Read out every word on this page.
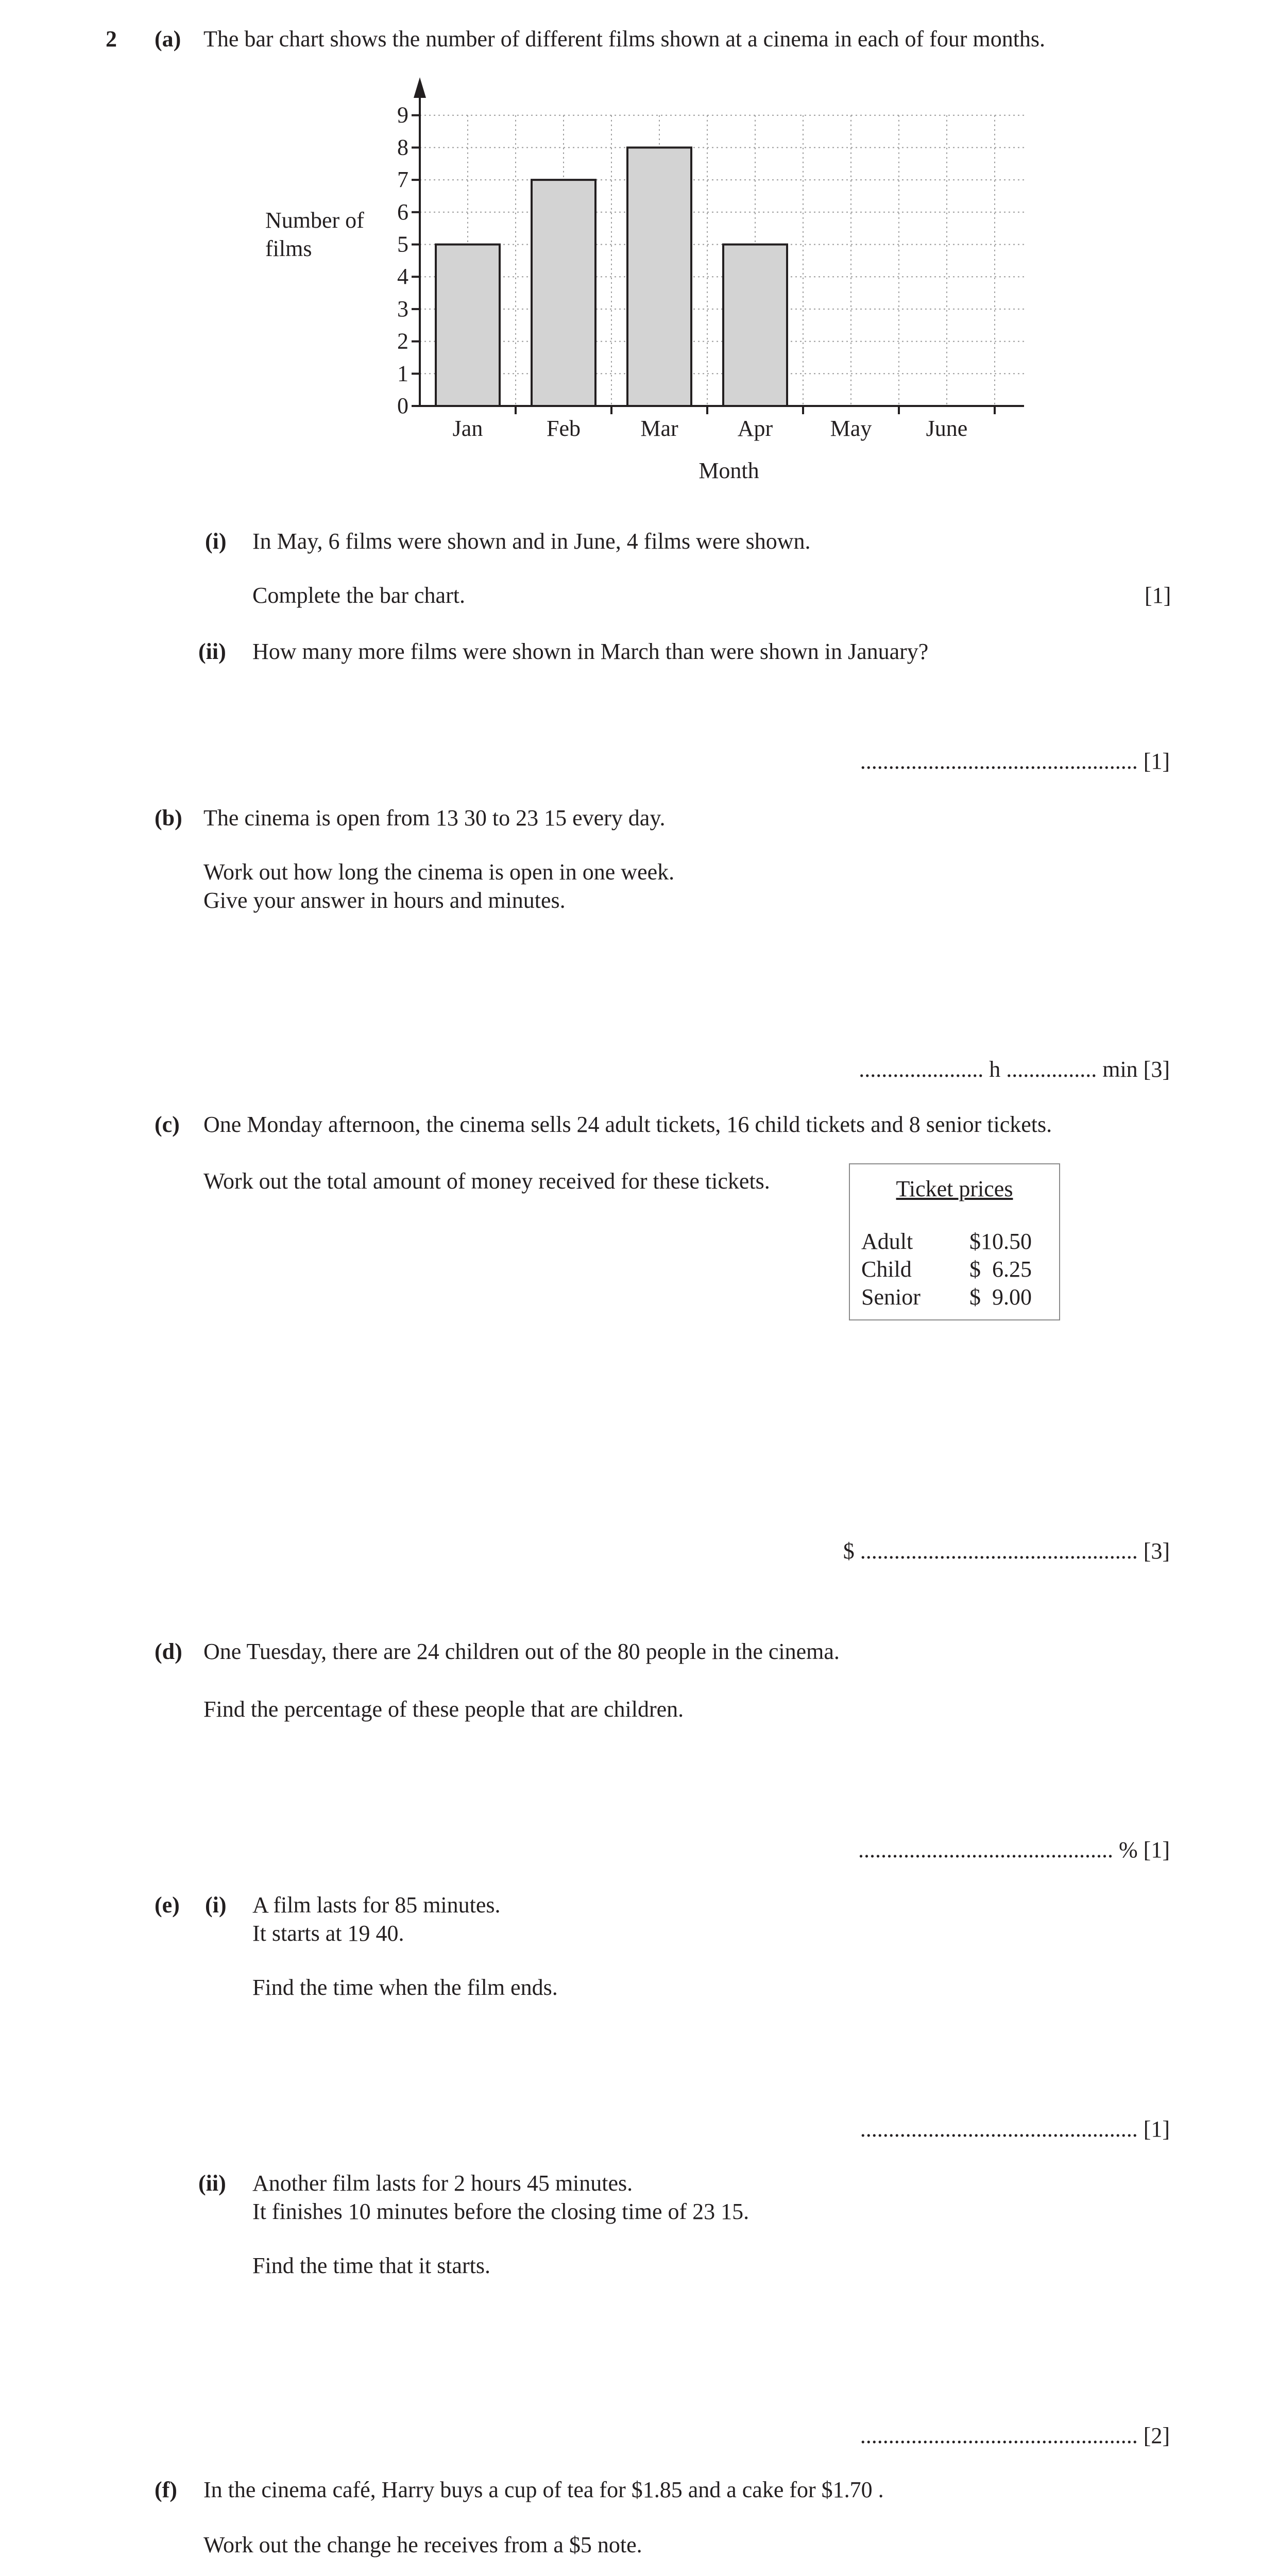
2 (a) The bar chart shows the number of different films shown at a cinema in each of four months.
0
1
2
3
4
5
6
7
8
9
Jan	Feb	Mar	Apr	May June
Month
Number of
films
(i) In May, 6 films were shown and in June, 4 films were shown.
Complete the bar chart.	[1]
(ii) How many more films were shown in March than were shown in January?
................................................. [1]
(b) The cinema is open from 13 30 to 23 15 every day.
Work out how long the cinema is open in one week.
Give your answer in hours and minutes.
...................... h ................ min [3]
(c) One Monday afternoon, the cinema sells 24 adult tickets, 16 child tickets and 8 senior tickets.
Work out the total amount of money received for these tickets.	Ticket prices
Adult $10.50
Child	$  6.25
Senior $  9.00
$ ................................................. [3]
(d) One Tuesday, there are 24 children out of the 80 people in the cinema.
Find the percentage of these people that are children.
............................................. % [1]
(e) (i) A film lasts for 85 minutes.
It starts at 19 40.
Find the time when the film ends.
................................................. [1]
(ii) Another film lasts for 2 hours 45 minutes.
It finishes 10 minutes before the closing time of 23 15.
Find the time that it starts.
................................................. [2]
(f) In the cinema café, Harry buys a cup of tea for $1.85 and a cake for $1.70 .
Work out the change he receives from a $5 note.
